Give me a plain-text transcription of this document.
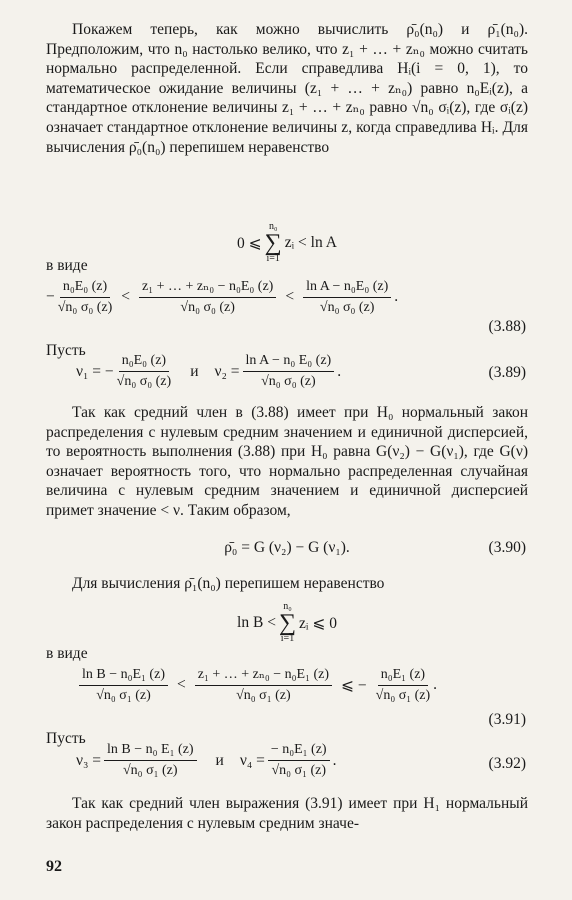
Покажем теперь, как можно вычислить ρ̄₀(n₀) и ρ̄₁(n₀). Предположим, что n₀ настолько велико, что z₁ + … + zₙ₀ можно считать нормально распределенной. Если справедлива Hᵢ(i = 0, 1), то математическое ожидание величины (z₁ + … + zₙ₀) равно n₀Eᵢ(z), а стандартное отклонение величины z₁ + … + zₙ₀ равно √n₀ σᵢ(z), где σᵢ(z) означает стандартное отклонение величины z, когда справедлива Hᵢ. Для вычисления ρ̄₀(n₀) перепишем неравенство

0 ⩽
n₀
∑
i=1
zᵢ < ln A
в виде
− $\frac{\text{n₀E₀ (z)}}{\text{√n₀ σ₀ (z)}} < \frac{\text{z₁ + … + zₙ₀ − n₀E₀ (z)}}{\text{√n₀ σ₀ (z)}} < \frac{\text{ln A − n₀E₀ (z)}}{\text{√n₀ σ₀ (z)}}$ .
(3.88)
Пусть
ν₁ = − $\frac{\text{n₀E₀ (z)}}{\text{√n₀ σ₀ (z)}}$ и $\nu_2 = \frac{\text{ln A − n₀ E₀ (z)}}{\text{√n₀ σ₀ (z)}}$ .	(3.89)

Так как средний член в (3.88) имеет при H₀ нормальный закон распределения с нулевым средним значением и единичной дисперсией, то вероятность выполнения (3.88) при H₀ равна G(ν₂) − G(ν₁), где G(ν) означает вероятность того, что нормально распределенная случайная величина с нулевым средним значением и единичной дисперсией примет значение < ν. Таким образом,

ρ̄₀ = G (ν₂) − G (ν₁).	(3.90)

Для вычисления ρ̄₁(n₀) перепишем неравенство

ln B <
n₀
∑
i=1
zᵢ ⩽ 0
в виде
$\frac{\text{ln B − n₀E₁ (z)}}{\text{√n₀ σ₁ (z)}} < \frac{\text{z₁ + … + zₙ₀ − n₀E₁ (z)}}{\text{√n₀ σ₁ (z)}}$ ⩽ − $\frac{\text{n₀E₁ (z)}}{\text{√n₀ σ₁ (z)}}$ .
(3.91)
Пусть
$\nu_3 = \frac{\text{ln B − n₀ E₁ (z)}}{\text{√n₀ σ₁ (z)}}$ и $\nu_4 = \frac{\text{− n₀E₁ (z)}}{\text{√n₀ σ₁ (z)}}$ .	(3.92)

Так как средний член выражения (3.91) имеет при H₁ нормальный закон распределения с нулевым средним значе-

92
